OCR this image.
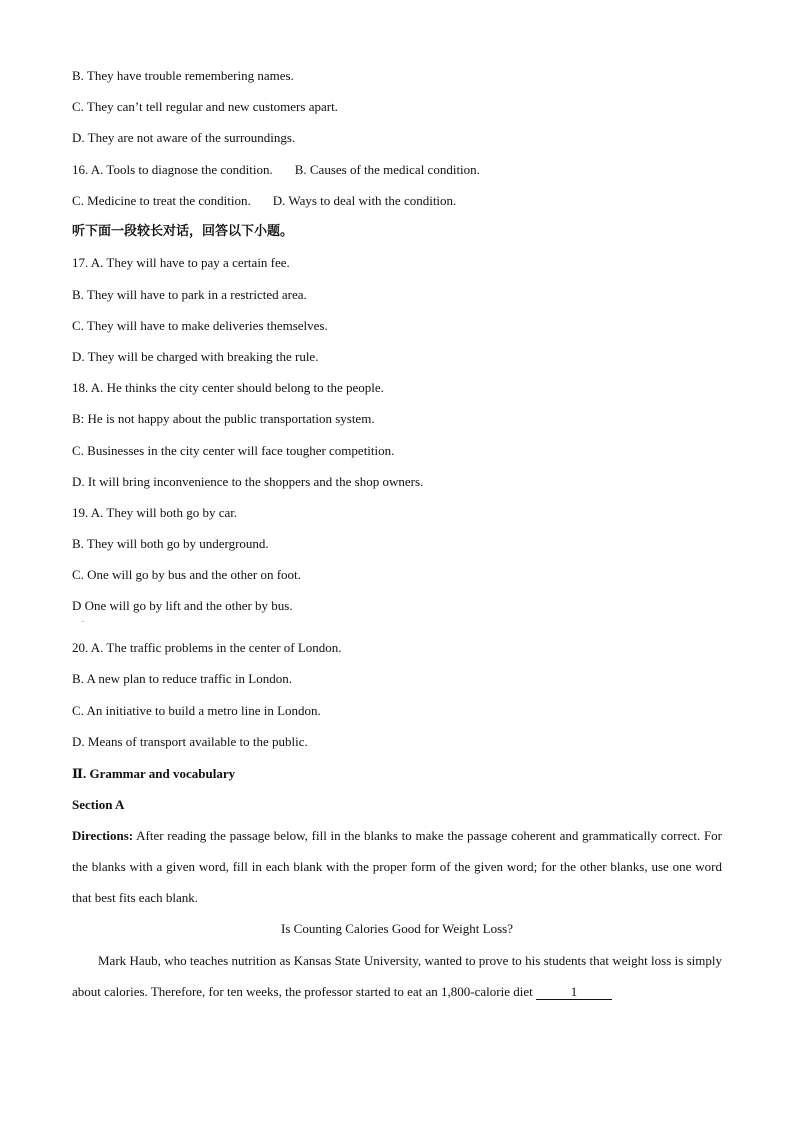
B. They have trouble remembering names.
C. They can’t tell regular and new customers apart.
D. They are not aware of the surroundings.
16. A. Tools to diagnose the condition. B. Causes of the medical condition.
C. Medicine to treat the condition. D. Ways to deal with the condition.
听下面一段较长对话，回答以下小题。
17. A. They will have to pay a certain fee.
B. They will have to park in a restricted area.
C. They will have to make deliveries themselves.
D. They will be charged with breaking the rule.
18. A. He thinks the city center should belong to the people.
B: He is not happy about the public transportation system.
C. Businesses in the city center will face tougher competition.
D. It will bring inconvenience to the shoppers and the shop owners.
19. A. They will both go by car.
B. They will both go by underground.
C. One will go by bus and the other on foot.
D One will go by lift and the other by bus.
.
20. A. The traffic problems in the center of London.
B. A new plan to reduce traffic in London.
C. An initiative to build a metro line in London.
D. Means of transport available to the public.
Ⅱ. Grammar and vocabulary
Section A
Directions: After reading the passage below, fill in the blanks to make the passage coherent and grammatically correct. For the blanks with a given word, fill in each blank with the proper form of the given word; for the other blanks, use one word that best fits each blank.
Is Counting Calories Good for Weight Loss?
Mark Haub, who teaches nutrition as Kansas State University, wanted to prove to his students that weight loss is simply about calories. Therefore, for ten weeks, the professor started to eat an 1,800-calorie diet	1
